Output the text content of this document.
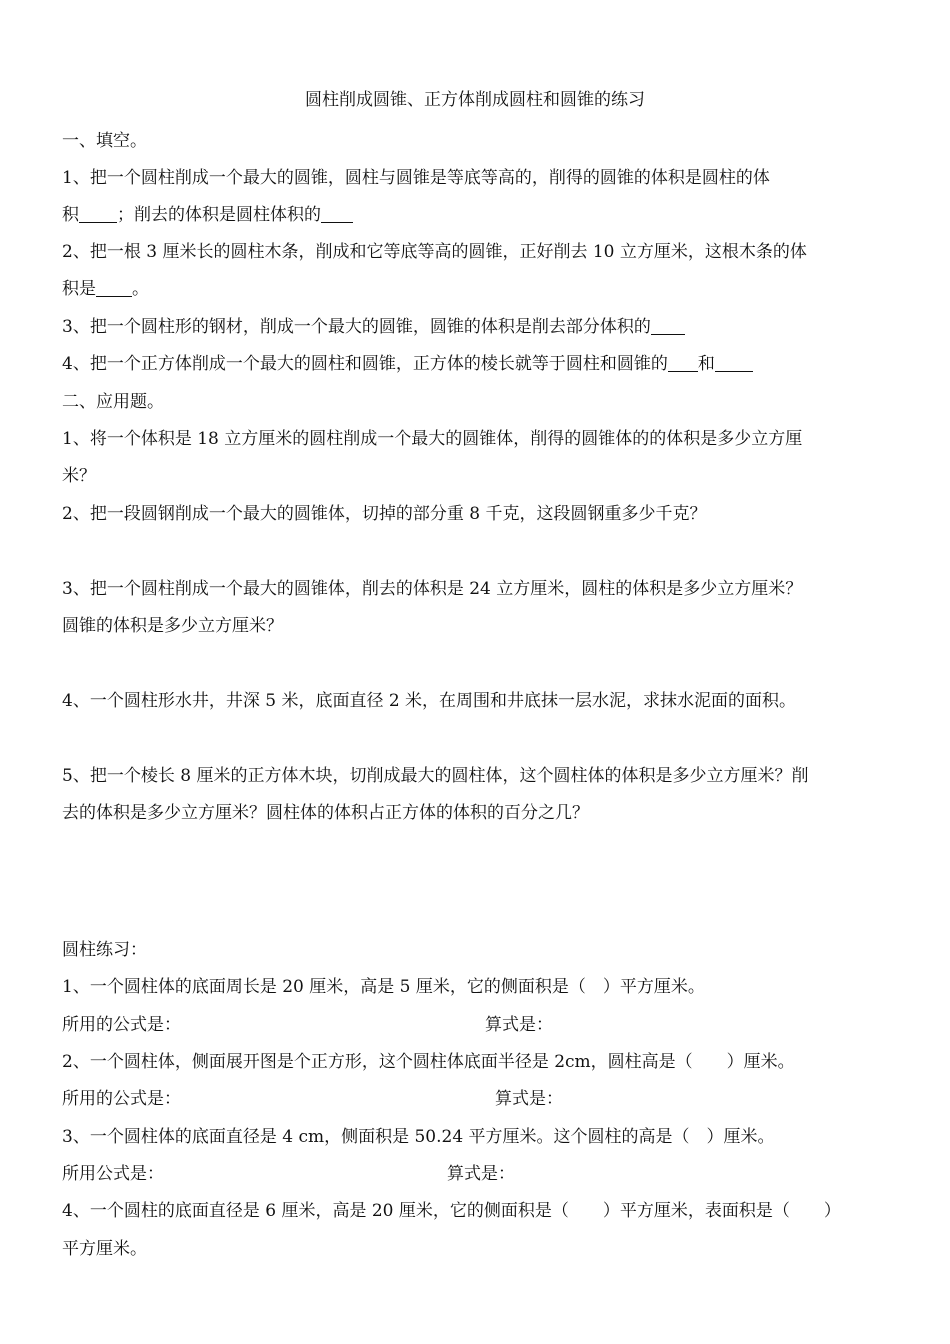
圆柱削成圆锥、正方体削成圆柱和圆锥的练习
一、填空。
1、把一个圆柱削成一个最大的圆锥，圆柱与圆锥是等底等高的，削得的圆锥的体积是圆柱的体
积 ；削去的体积是圆柱体积的
2、把一根 3 厘米长的圆柱木条，削成和它等底等高的圆锥，正好削去 10 立方厘米，这根木条的体
积是 。
3、把一个圆柱形的钢材，削成一个最大的圆锥，圆锥的体积是削去部分体积的
4、把一个正方体削成一个最大的圆柱和圆锥，正方体的棱长就等于圆柱和圆锥的 和
二、应用题。
1、将一个体积是 18 立方厘米的圆柱削成一个最大的圆锥体，削得的圆锥体的的体积是多少立方厘
米？
2、把一段圆钢削成一个最大的圆锥体，切掉的部分重 8 千克，这段圆钢重多少千克？
3、把一个圆柱削成一个最大的圆锥体，削去的体积是 24 立方厘米，圆柱的体积是多少立方厘米？
圆锥的体积是多少立方厘米？
4、一个圆柱形水井，井深 5 米，底面直径 2 米，在周围和井底抹一层水泥，求抹水泥面的面积。
5、把一个棱长 8 厘米的正方体木块，切削成最大的圆柱体，这个圆柱体的体积是多少立方厘米？削
去的体积是多少立方厘米？圆柱体的体积占正方体的体积的百分之几？
圆柱练习：
1、一个圆柱体的底面周长是 20 厘米，高是 5 厘米，它的侧面积是（　）平方厘米。
所用的公式是：	算式是：
2、一个圆柱体，侧面展开图是个正方形，这个圆柱体底面半径是 2cm，圆柱高是（　　）厘米。
所用的公式是：	算式是：
3、一个圆柱体的底面直径是 4 cm，侧面积是 50.24 平方厘米。这个圆柱的高是（　）厘米。
所用公式是：	算式是：
4、一个圆柱的底面直径是 6 厘米，高是 20 厘米，它的侧面积是（　　）平方厘米，表面积是（　　）
平方厘米。
